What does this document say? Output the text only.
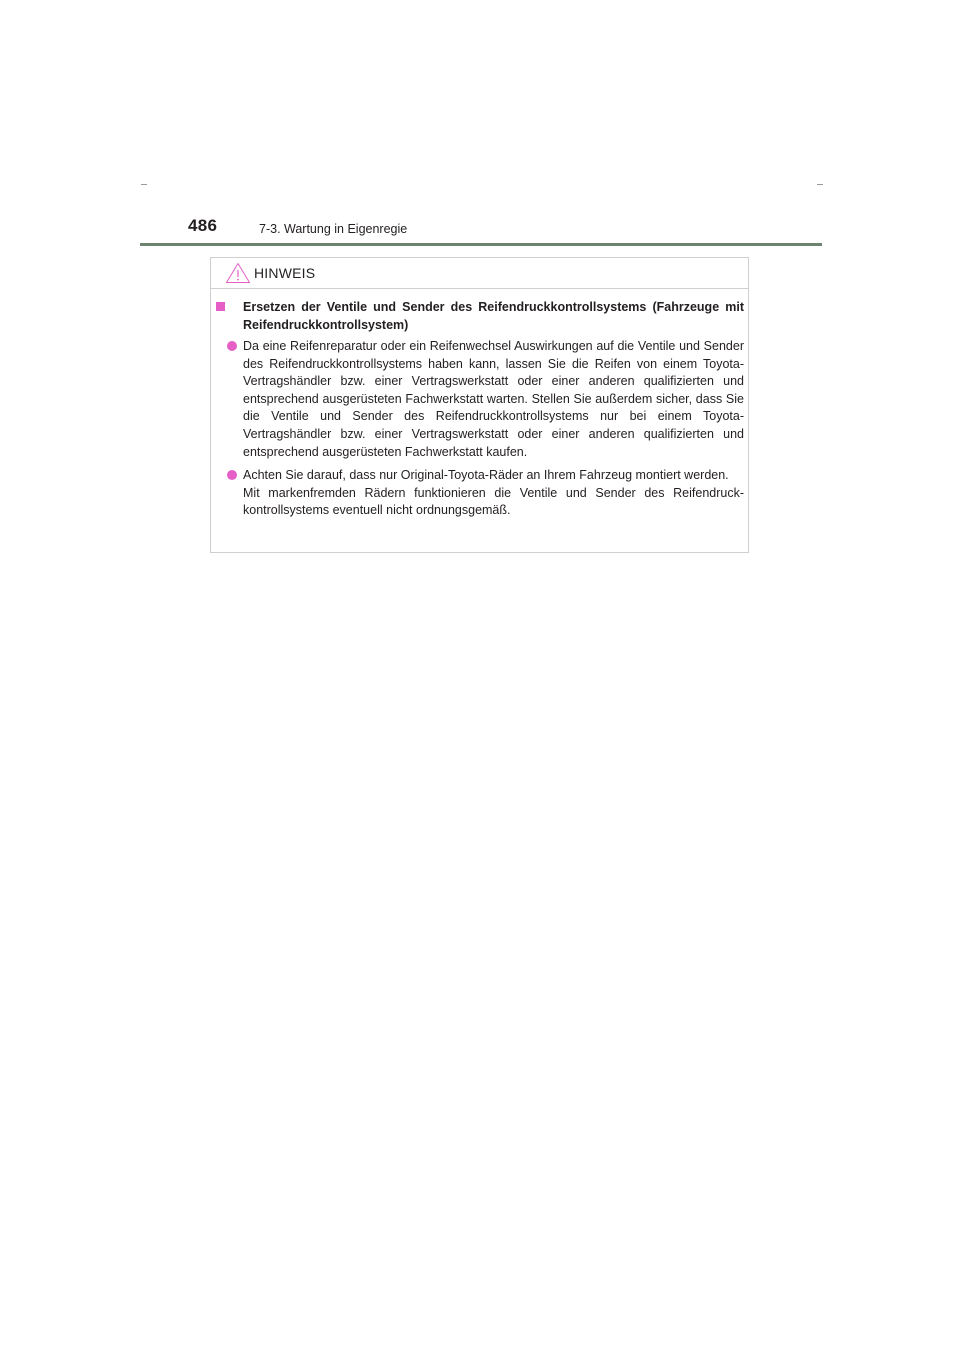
486	7-3. Wartung in Eigenregie
HINWEIS

Ersetzen der Ventile und Sender des Reifendruckkontrollsystems (Fahrzeuge mit Reifendruckkontrollsystem)

Da eine Reifenreparatur oder ein Reifenwechsel Auswirkungen auf die Ventile und Sender des Reifendruckkontrollsystems haben kann, lassen Sie die Reifen von einem Toyota-Vertragshändler bzw. einer Vertragswerkstatt oder einer anderen qualifizierten und entsprechend ausgerüsteten Fachwerkstatt warten. Stellen Sie außerdem sicher, dass Sie die Ventile und Sender des Reifendruckkontrollsystems nur bei einem Toyota-Vertragshändler bzw. einer Vertragswerkstatt oder einer anderen qualifizierten und entsprechend ausgerüsteten Fachwerkstatt kaufen.

Achten Sie darauf, dass nur Original-Toyota-Räder an Ihrem Fahrzeug montiert werden.
Mit markenfremden Rädern funktionieren die Ventile und Sender des Reifendruck-kontrollsystems eventuell nicht ordnungsgemäß.
